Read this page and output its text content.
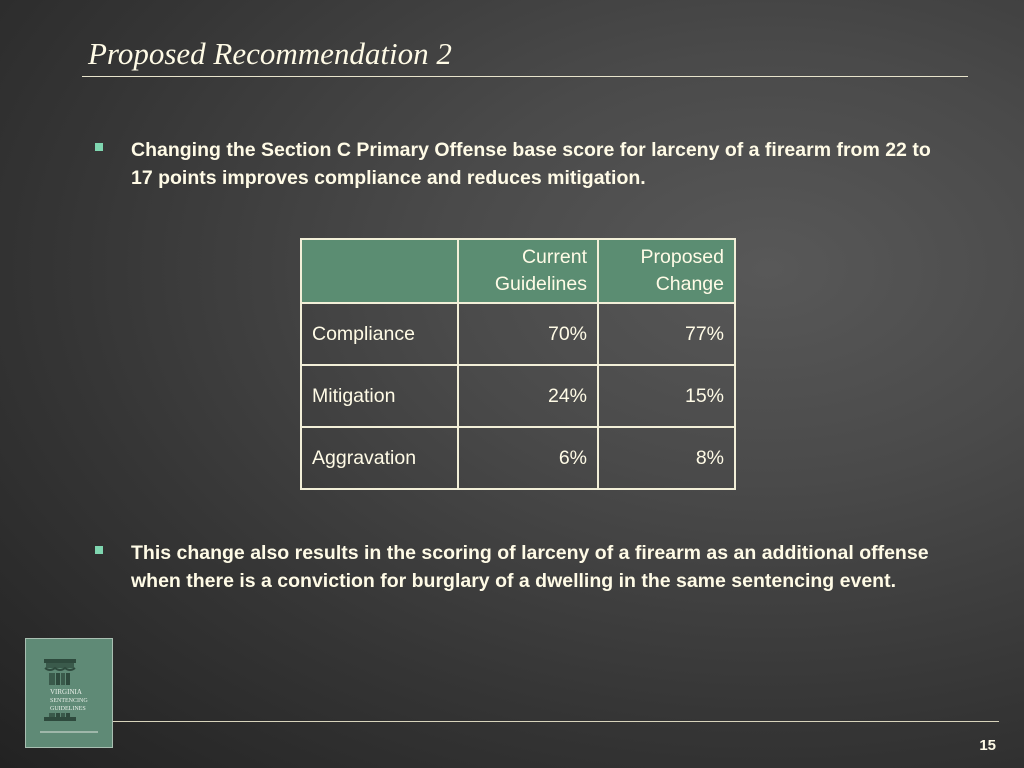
Proposed Recommendation 2
Changing the Section C Primary Offense base score for larceny of a firearm from 22 to 17 points improves compliance and reduces mitigation.
	Current Guidelines	Proposed Change
Compliance	70%	77%
Mitigation	24%	15%
Aggravation	6%	8%
This change also results in the scoring of larceny of a firearm as an additional offense when there is a conviction for burglary of a dwelling in the same sentencing event.
VIRGINIA
SENTENCING
GUIDELINES
15
